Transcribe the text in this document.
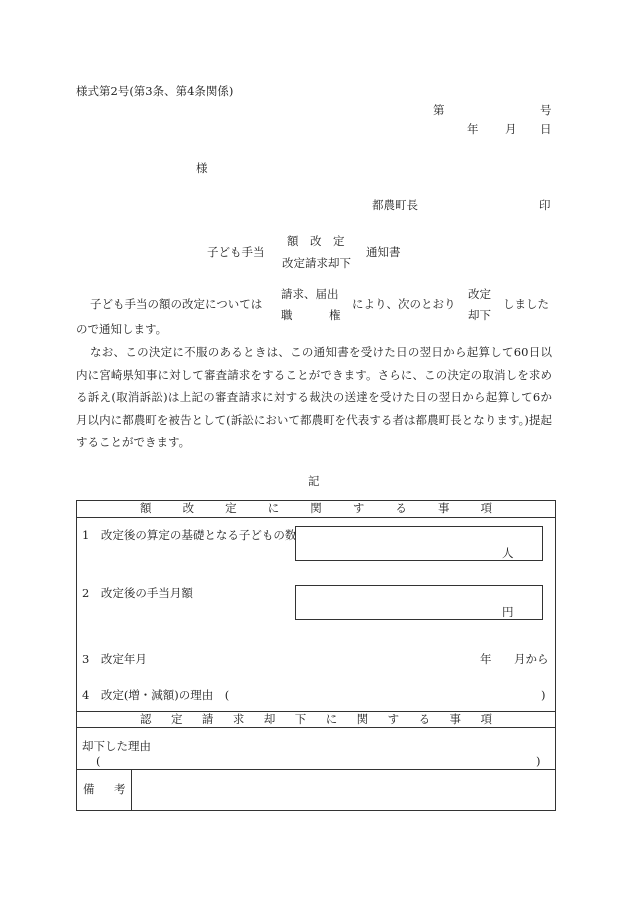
様式第2号(第3条、第4条関係)
第	号
年 月 日
様
都農町長	印
子ども手当
額　改　定
改定請求却下
通知書
子ども手当の額の改定については
請求、届出
職	権
により、次のとおり
改定
却下
しました
ので通知します。
なお、この決定に不服のあるときは、この通知書を受けた日の翌日から起算して60日以内に宮崎県知事に対して審査請求をすることができます。さらに、この決定の取消しを求める訴え(取消訴訟)は上記の審査請求に対する裁決の送達を受けた日の翌日から起算して6か月以内に都農町を被告として(訴訟において都農町を代表する者は都農町長となります。)提起することができます。
記
額	改	定	に	関	す	る	事	項
1　改定後の算定の基礎となる子どもの数
人
2　改定後の手当月額
円
3　改定年月	年 月から
4　改定(増・減額)の理由　(	)
認 定 請 求 却 下 に 関 す る 事 項
却下した理由
(	)
備 考
